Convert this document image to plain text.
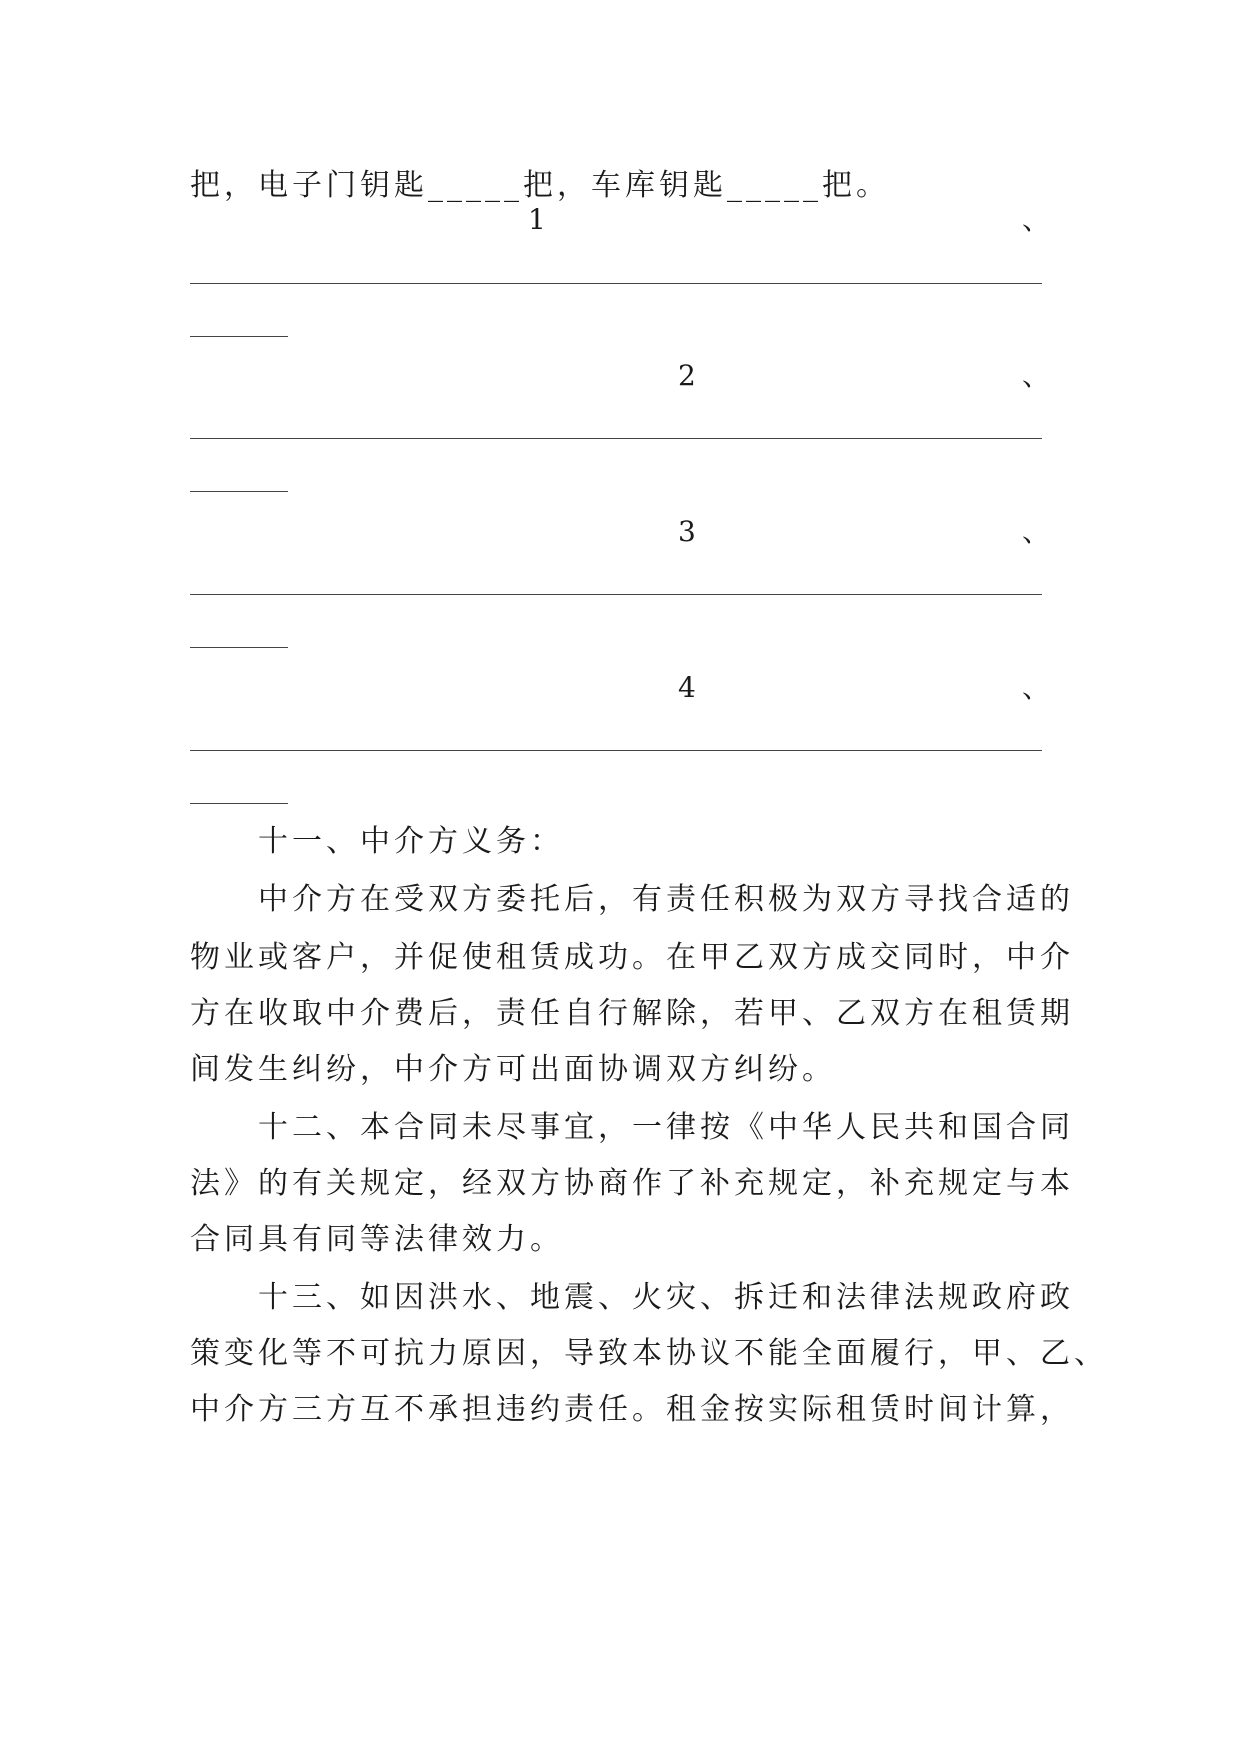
把，电子门钥匙_____把，车库钥匙_____把。
1	、
2	、
3	、
4	、
十一、中介方义务：
中介方在受双方委托后，有责任积极为双方寻找合适的
物业或客户，并促使租赁成功。在甲乙双方成交同时，中介
方在收取中介费后，责任自行解除，若甲、乙双方在租赁期
间发生纠纷，中介方可出面协调双方纠纷。
十二、本合同未尽事宜，一律按《中华人民共和国合同
法》的有关规定，经双方协商作了补充规定，补充规定与本
合同具有同等法律效力。
十三、如因洪水、地震、火灾、拆迁和法律法规政府政
策变化等不可抗力原因，导致本协议不能全面履行，甲、乙、
中介方三方互不承担违约责任。租金按实际租赁时间计算，
